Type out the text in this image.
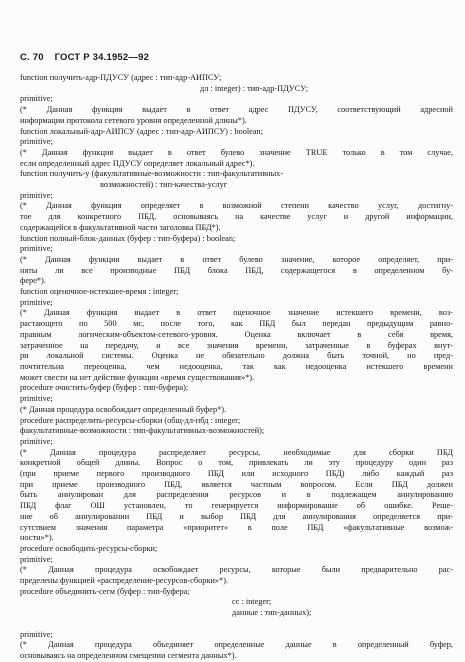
С. 70 ГОСТ Р 34.1952—92
function получить-адр-ПДУСУ (адрес : тип-адр-АИПСУ;
дл : integer) : тип-адр-ПДУСУ;
primitive;
(* Данная функция выдает в ответ адрес ПДУСУ, соответствующий адресной
информации протокола сетевого уровня определенной длины*).
function локальный-адр-АИПСУ (адрес : тип-адр-АИПСУ) : boolean;
primitive;
(* Данная функция выдает в ответ булево значение TRUE только в том случае,
если определенный адрес ПДУСУ определяет локальный адрес*).
function получить-у (факультативные-возможности : тип-факультативных-
возможностей) : тип-качества-услуг
primitive;
(* Данная функция определяет в возможной степени качество услуг, достигну-
тое для конкретного ПБД, основываясь на качестве услуг и другой информации,
содержащейся в факультативной части заголовка ПБД*).
function полный-блок-данных (буфер : тип-буфера) : boolean;
primitive;
(* Данная функция выдает в ответ булево значение, которое определяет, при-
няты ли все производные ПБД блока ПБД, содержащегося в определенном бу-
фере*).
function оценочное-истекшее-время : integer;
primitive;
(* Данная функция выдает в ответ оценочное значение истекшего времени, воз-
растающего по 500 мс, после того, как ПБД был передан предыдущим равно-
правным логическим-объектом-сетевого-уровня. Оценка включает в себя время,
затраченное на передачу, и все значения времени, затраченные в буферах внут-
ри локальной системы. Оценка не обязательно должна быть точной, но пред-
почтительна переоценка, чем недооценка, так как недооценка истекшего времени
может свести на нет действие функции «время существования»*).
procedure очистить-буфер (буфер : тип-буфера);
primitive;
(* Данная процедура освобождает определенный буфер*).
procedure распределить-ресурсы-сборки (общ-дл-пбд : integer;
факультативные-возможности : тип-факультативных-возможностей);
primitive;
(* Данная процедура распределяет ресурсы, необходимые для сборки ПБД
конкретной общей длины. Вопрос о том, привлекать ли эту процедуру один раз
(при приеме первого производного ПБД или исходного ПБД) либо каждый раз
при приеме производного ПБД, является частным вопросом. Если ПБД должен
быть аннулирован для распределения ресурсов и в подлежащем аннулированию
ПБД флаг ОШ установлен, то генерируется информирование об ошибке. Реше-
ние об аннулировании ПБД и выбор ПБД для аннулирования определяется при-
сутствием значения параметра «приоритет» в поле ПБД «факультативные возмож-
ности»*).
procedure освободить-ресурсы-сборки;
primitive;
(* Данная процедура освобождает ресурсы, которые были предварительно рас-
пределены функцией «распределение-ресурсов-сборки»*).
procedure объединить-сегм (буфер : тип-буфера;
сс : integer;
данные : тип-данных);

primitive;
(* Данная процедура объединяет определенные данные в определенный буфер,
основываясь на определенном смещении сегмента данных*).
